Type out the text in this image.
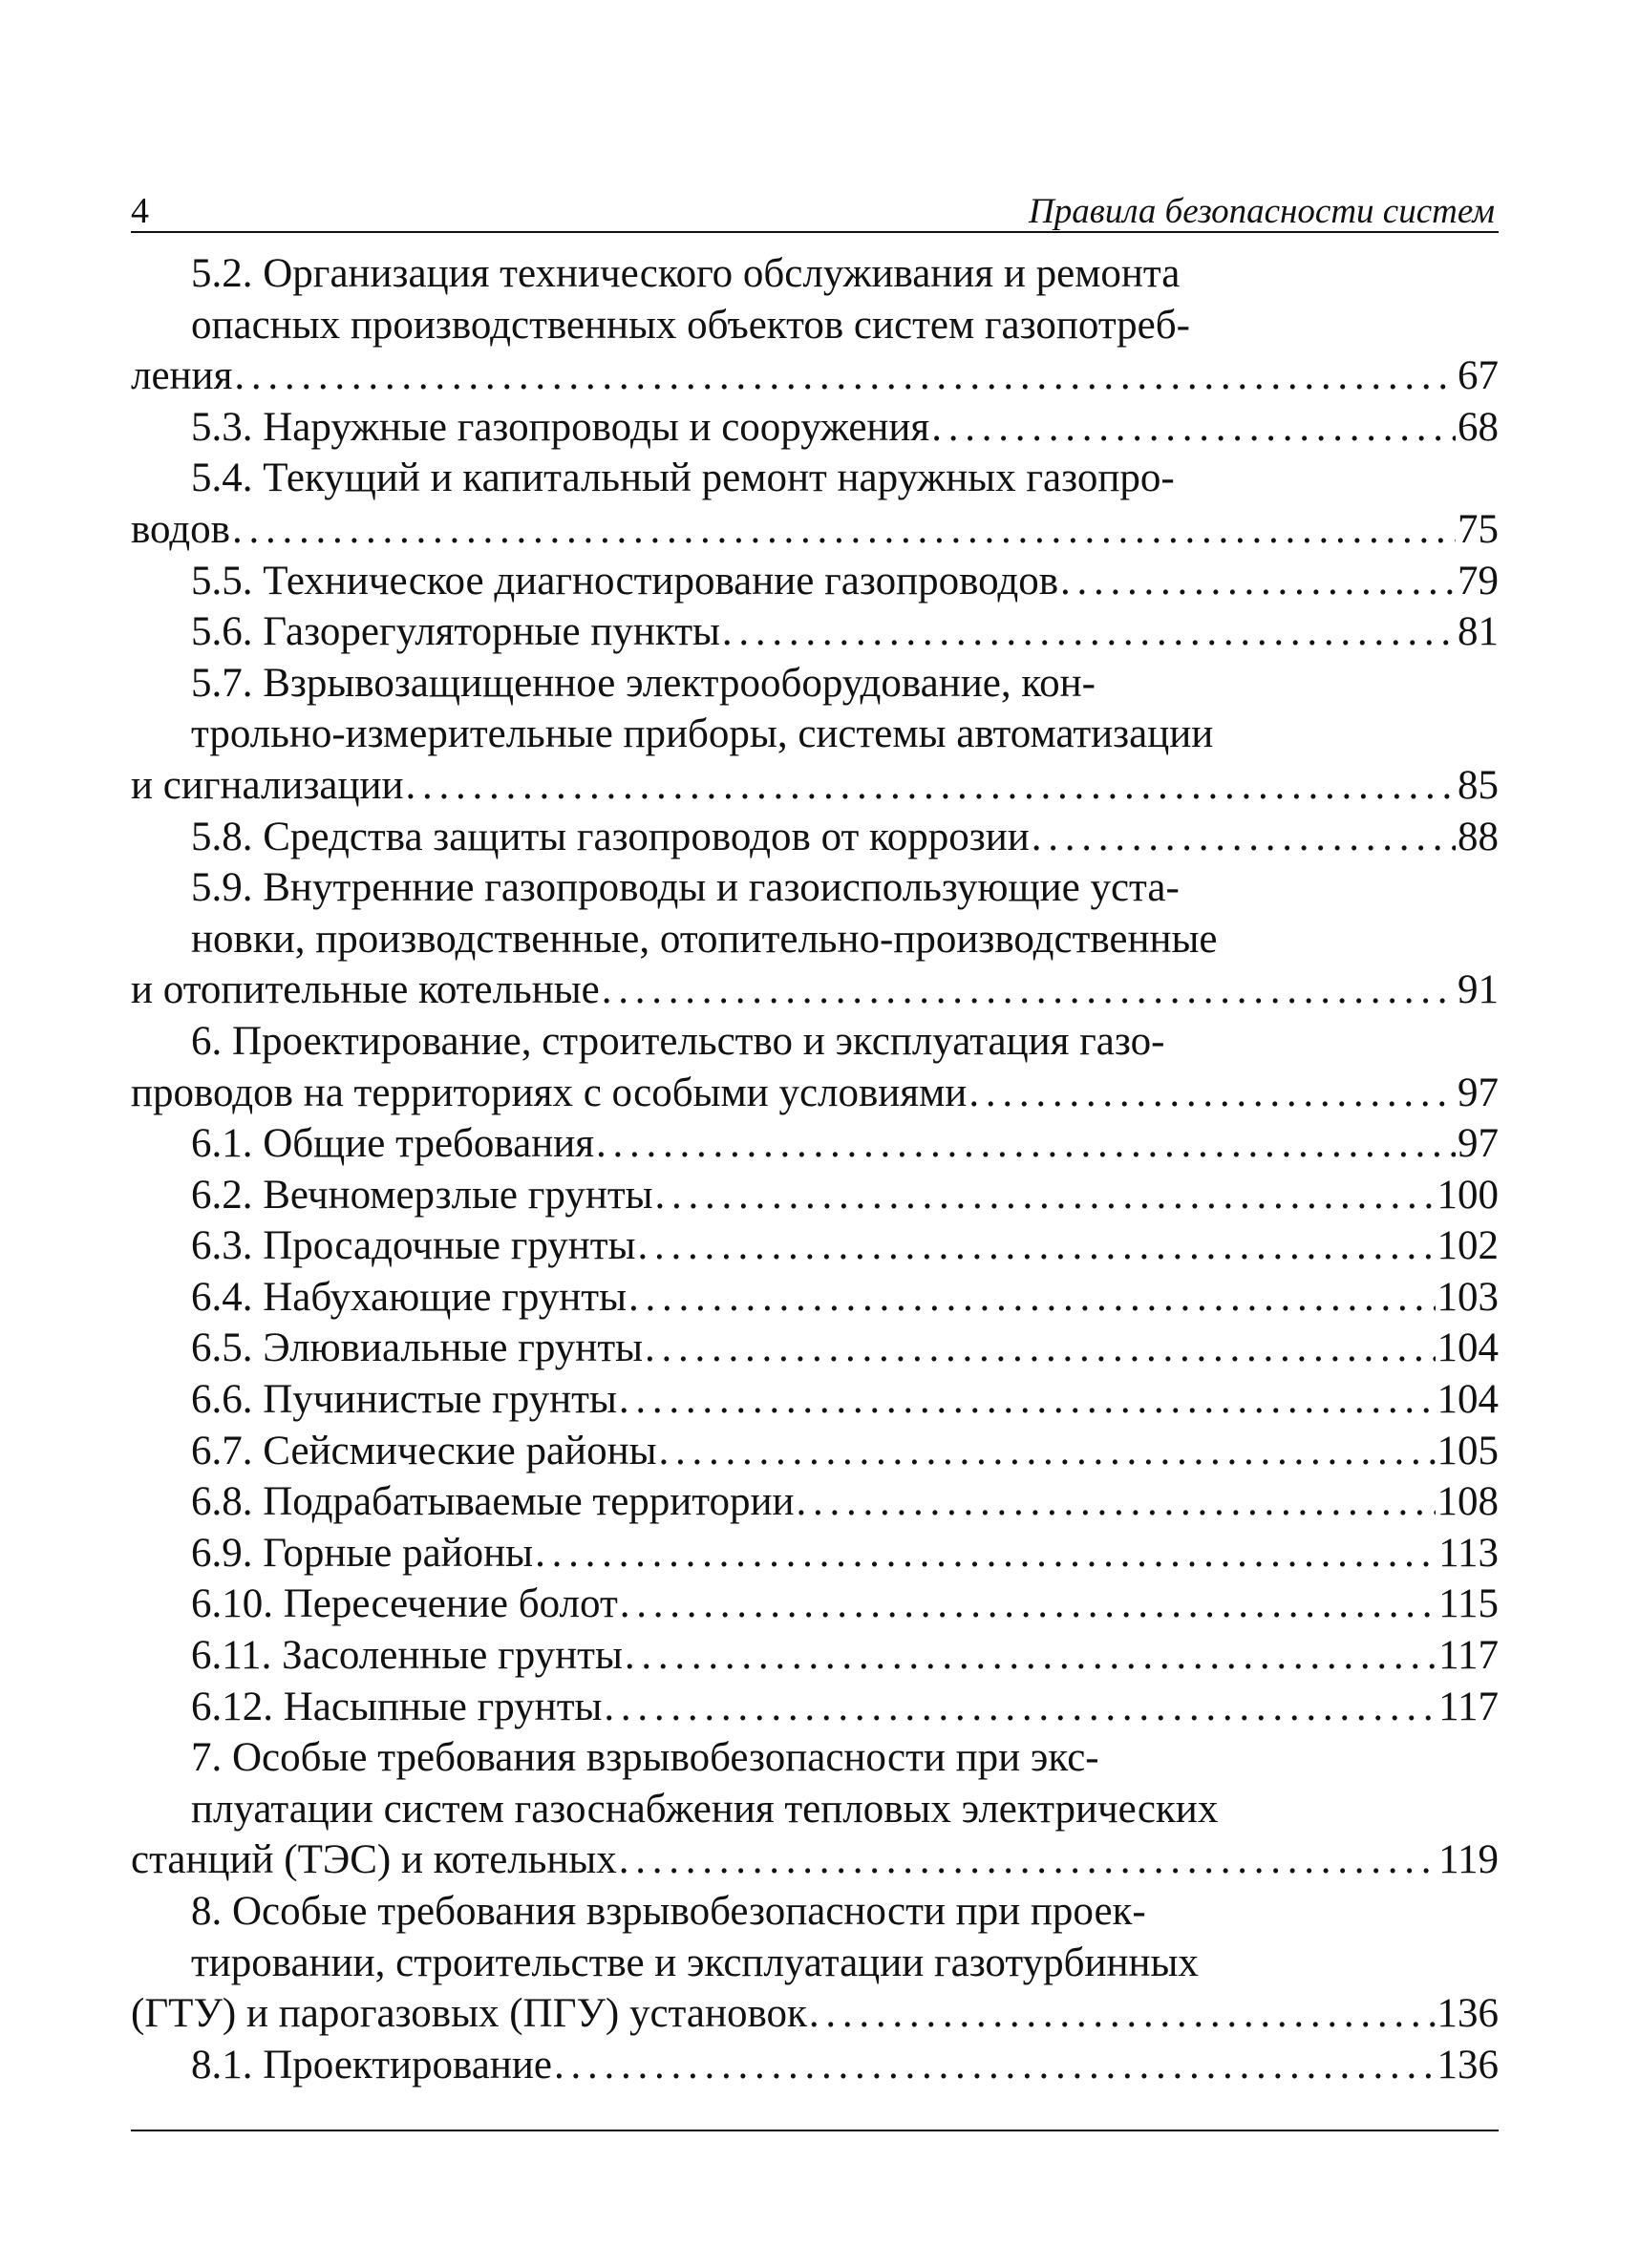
4	Правила безопасности систем
5.2. Организация технического обслуживания и ремонта
опасных производственных объектов систем газопотреб-
ления . . .	67
5.3. Наружные газопроводы и сооружения . . .	68
5.4. Текущий и капитальный ремонт наружных газопро-
водов . . .	75
5.5. Техническое диагностирование газопроводов . . .	79
5.6. Газорегуляторные пункты . . .	81
5.7. Взрывозащищенное электрооборудование, кон-
трольно-измерительные приборы, системы автоматизации
и сигнализации . . .	85
5.8. Средства защиты газопроводов от коррозии . . .	88
5.9. Внутренние газопроводы и газоиспользующие уста-
новки, производственные, отопительно-производственные
и отопительные котельные . . .	91
6. Проектирование, строительство и эксплуатация газо-
проводов на территориях с особыми условиями . . .	97
6.1. Общие требования . . .	97
6.2. Вечномерзлые грунты . . .	100
6.3. Просадочные грунты . . .	102
6.4. Набухающие грунты . . .	103
6.5. Элювиальные грунты . . .	104
6.6. Пучинистые грунты . . .	104
6.7. Сейсмические районы . . .	105
6.8. Подрабатываемые территории . . .	108
6.9. Горные районы . . .	113
6.10. Пересечение болот . . .	115
6.11. Засоленные грунты . . .	117
6.12. Насыпные грунты . . .	117
7. Особые требования взрывобезопасности при экс-
плуатации систем газоснабжения тепловых электрических
станций (ТЭС) и котельных . . .	119
8. Особые требования взрывобезопасности при проек-
тировании, строительстве и эксплуатации газотурбинных
(ГТУ) и парогазовых (ПГУ) установок . . .	136
8.1. Проектирование . . .	136
